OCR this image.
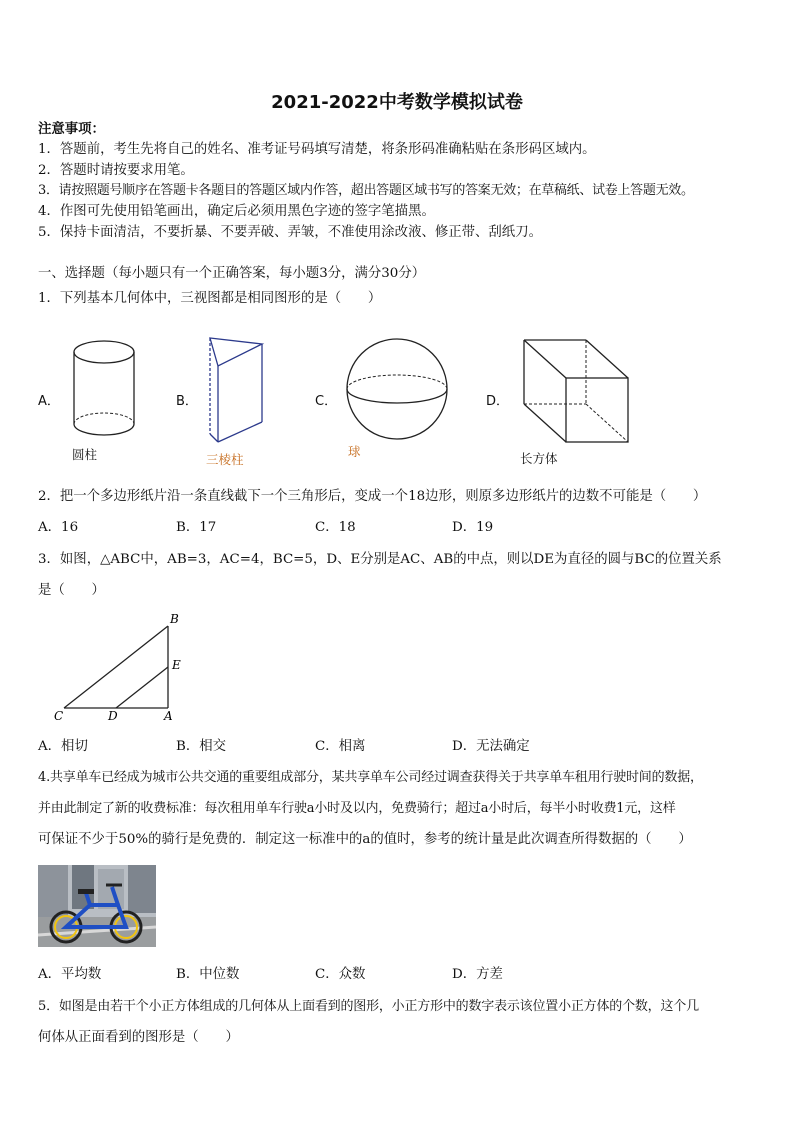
2021-2022中考数学模拟试卷
注意事项：
1．答题前，考生先将自己的姓名、准考证号码填写清楚，将条形码准确粘贴在条形码区域内。
2．答题时请按要求用笔。
3．请按照题号顺序在答题卡各题目的答题区域内作答，超出答题区域书写的答案无效；在草稿纸、试卷上答题无效。
4．作图可先使用铅笔画出，确定后必须用黑色字迹的签字笔描黑。
5．保持卡面清洁，不要折暴、不要弄破、弄皱，不准使用涂改液、修正带、刮纸刀。
一、选择题（每小题只有一个正确答案，每小题3分，满分30分）
1．下列基本几何体中，三视图都是相同图形的是（　　）
A．
圆柱
B．
三棱柱
C．
球
D．
长方体
2．把一个多边形纸片沿一条直线截下一个三角形后，变成一个18边形，则原多边形纸片的边数不可能是（　　）
A．16	B．17	C．18	D．19
3．如图，△ABC中，AB=3，AC=4，BC=5，D、E分别是AC、AB的中点，则以DE为直径的圆与BC的位置关系
是（　　）
B
E
C	D	A
A．相切	B．相交	C．相离	D．无法确定
4.共享单车已经成为城市公共交通的重要组成部分，某共享单车公司经过调查获得关于共享单车租用行驶时间的数据，
并由此制定了新的收费标准：每次租用单车行驶a小时及以内，免费骑行；超过a小时后，每半小时收费1元，这样
可保证不少于50%的骑行是免费的．制定这一标准中的a的值时，参考的统计量是此次调查所得数据的（　　）
A．平均数	B．中位数	C．众数	D．方差
5．如图是由若干个小正方体组成的几何体从上面看到的图形，小正方形中的数字表示该位置小正方体的个数，这个几
何体从正面看到的图形是（　　）
